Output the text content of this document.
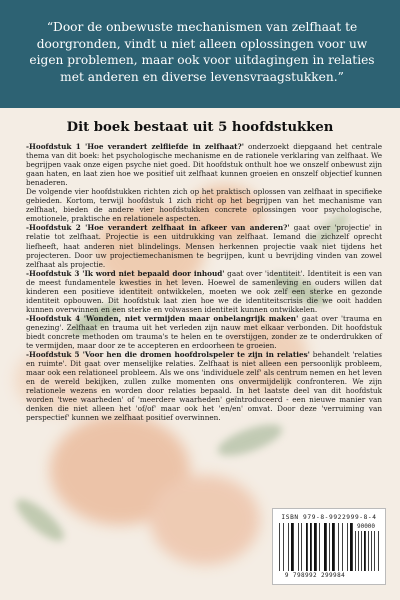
“Door de onbewuste mechanismen van zelfhaat te doorgronden, vindt u niet alleen oplossingen voor uw eigen problemen, maar ook voor uitdagingen in relaties met anderen en diverse levensvraagstukken.”

Dit boek bestaat uit 5 hoofdstukken

-Hoofdstuk 1 'Hoe verandert zelfliefde in zelfhaat?' onderzoekt diepgaand het centrale thema van dit boek: het psychologische mechanisme en de rationele verklaring van zelfhaat. We begrijpen vaak onze eigen psyche niet goed. Dit hoofdstuk onthult hoe we onszelf onbewust zijn gaan haten, en laat zien hoe we positief uit zelfhaat kunnen groeien en onszelf objectief kunnen benaderen.

De volgende vier hoofdstukken richten zich op het praktisch oplossen van zelfhaat in specifieke gebieden. Kortom, terwijl hoofdstuk 1 zich richt op het begrijpen van het mechanisme van zelfhaat, bieden de andere vier hoofdstukken concrete oplossingen voor psychologische, emotionele, praktische en relationele aspecten.

-Hoofdstuk 2 'Hoe verandert zelfhaat in afkeer van anderen?' gaat over 'projectie' in relatie tot zelfhaat. Projectie is een uitdrukking van zelfhaat. Iemand die zichzelf oprecht liefheeft, haat anderen niet blindelings. Mensen herkennen projectie vaak niet tijdens het projecteren. Door uw projectiemechanismen te begrijpen, kunt u bevrijding vinden van zowel zelfhaat als projectie.

-Hoofdstuk 3 'Ik word niet bepaald door inhoud' gaat over 'identiteit'. Identiteit is een van de meest fundamentele kwesties in het leven. Hoewel de samenleving en ouders willen dat kinderen een positieve identiteit ontwikkelen, moeten we ook zelf een sterke en gezonde identiteit opbouwen. Dit hoofdstuk laat zien hoe we de identiteitscrisis die we ooit hadden kunnen overwinnen en een sterke en volwassen identiteit kunnen ontwikkelen.

-Hoofdstuk 4 'Wonden, niet vermijden maar onbelangrijk maken' gaat over 'trauma en genezing'. Zelfhaat en trauma uit het verleden zijn nauw met elkaar verbonden. Dit hoofdstuk biedt concrete methoden om trauma's te helen en te overstijgen, zonder ze te onderdrukken of te vermijden, maar door ze te accepteren en erdoorheen te groeien.

-Hoofdstuk 5 'Voor hen die dromen hoofdrolspeler te zijn in relaties' behandelt 'relaties en ruimte'. Dit gaat over menselijke relaties. Zelfhaat is niet alleen een persoonlijk probleem, maar ook een relationeel probleem. Als we ons 'individuele zelf' als centrum nemen en het leven en de wereld bekijken, zullen zulke momenten ons onvermijdelijk confronteren. We zijn relationele wezens en worden door relaties bepaald. In het laatste deel van dit hoofdstuk worden 'twee waarheden' of 'meerdere waarheden' geïntroduceerd - een nieuwe manier van denken die niet alleen het 'of/of' maar ook het 'en/en' omvat. Door deze 'verruiming van perspectief' kunnen we zelfhaat positief overwinnen.

ISBN 979-8-9922999-8-4
90000
9 798992 299984
